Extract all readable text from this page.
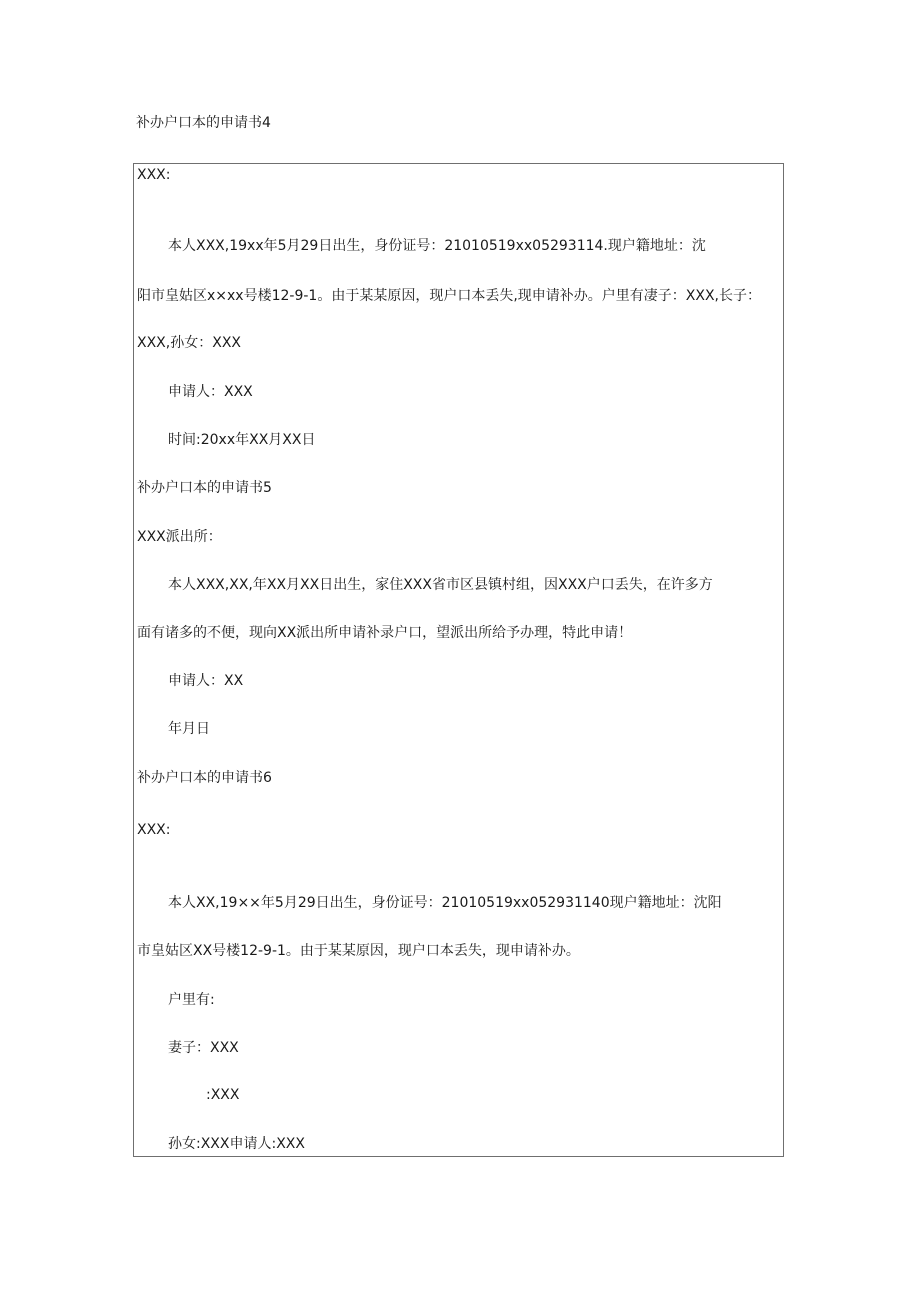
补办户口本的申请书4
XXX:
本人XXX,19xx年5月29日出生，身份证号：21010519xx05293114.现户籍地址：沈
阳市皇姑区x×xx号楼12-9-1。由于某某原因，现户口本丢失,现申请补办。户里有凄子：XXX,长子：
XXX,孙女：XXX
申请人：XXX
时间:20xx年XX月XX日
补办户口本的申请书5
XXX派出所：
本人XXX,XX,年XX月XX日出生，家住XXX省市区县镇村组，因XXX户口丢失，在许多方
面有诸多的不便，现向XX派出所申请补录户口，望派出所给予办理，特此申请！
申请人：XX
年月日
补办户口本的申请书6
XXX:
本人XX,19××年5月29日出生，身份证号：21010519xx052931140现户籍地址：沈阳
市皇姑区XX号楼12-9-1。由于某某原因，现户口本丢失，现申请补办。
户里有:
妻子：XXX
:XXX
孙女:XXX申请人:XXX
